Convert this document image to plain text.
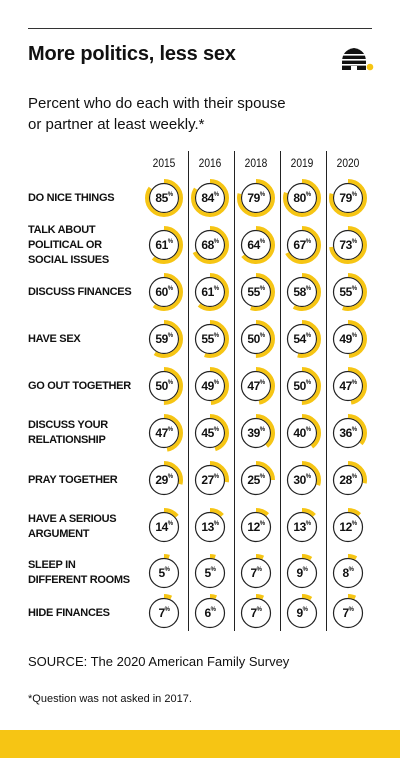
More politics, less sex
Percent who do each with their spouse or partner at least weekly.*
2015	2016	2018	2019	2020
DO NICE THINGS	85%	84%	79%	80%	79%
TALK ABOUT
POLITICAL OR
SOCIAL ISSUES
61%	68%	64%	67%	73%
DISCUSS FINANCES	60%	61%	55%	58%	55%
HAVE SEX	59%	55%	50%	54%	49%
GO OUT TOGETHER	50%	49%	47%	50%	47%
DISCUSS YOUR
RELATIONSHIP	47%	45%	39%	40%	36%
PRAY TOGETHER	29%	27%	25%	30%	28%
HAVE A SERIOUS
ARGUMENT	14%	13%	12%	13%	12%
SLEEP IN
DIFFERENT ROOMS	5%	5%	7%	9%	8%
HIDE FINANCES	7%	6%	7%	9%	7%
SOURCE: The 2020 American Family Survey
*Question was not asked in 2017.
